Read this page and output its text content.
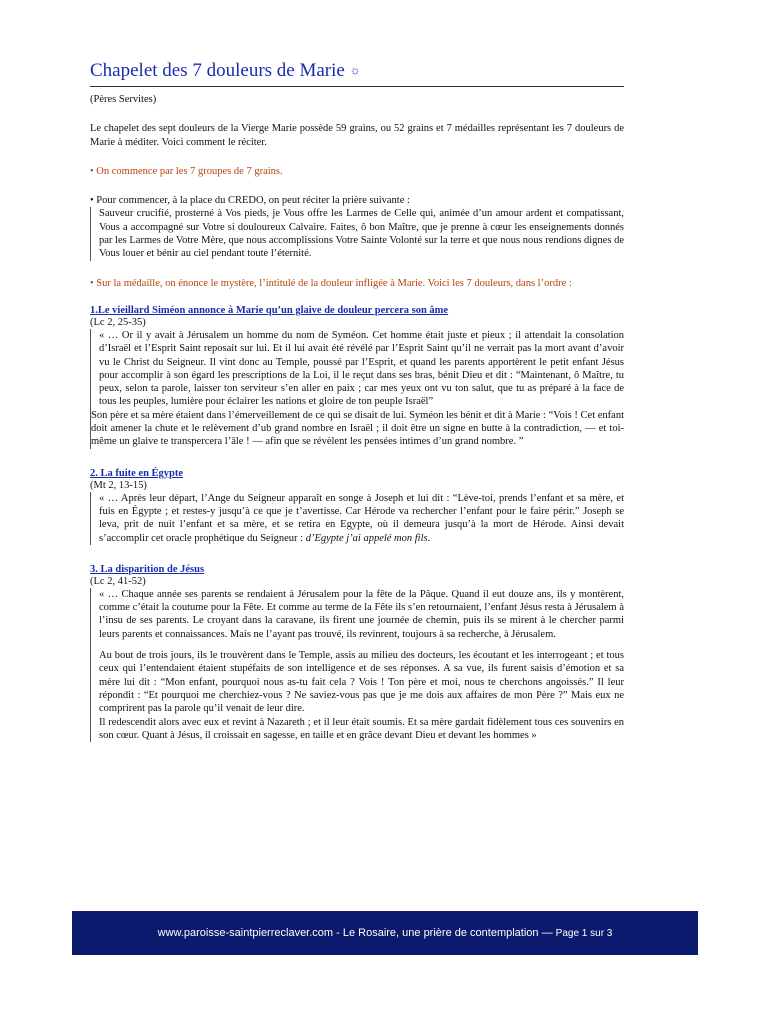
Chapelet des 7 douleurs de Marie ☼

(Pères Servites)

Le chapelet des sept douleurs de la Vierge Marie possède 59 grains, ou 52 grains et 7 médailles représentant les 7 douleurs de Marie à méditer. Voici comment le réciter.

• On commence par les 7 groupes de 7 grains.

• Pour commencer, à la place du CREDO, on peut réciter la prière suivante :

Sauveur crucifié, prosterné à Vos pieds, je Vous offre les Larmes de Celle qui, animée d’un amour ardent et compatissant, Vous a accompagné sur Votre si douloureux Calvaire. Faites, ô bon Maître, que je prenne à cœur les enseignements donnés par les Larmes de Votre Mère, que nous accomplissions Votre Sainte Volonté sur la terre et que nous nous rendions dignes de Vous louer et bénir au ciel pendant toute l’éternité.

• Sur la médaille, on énonce le mystère, l’intitulé de la douleur infligée à Marie. Voici les 7 douleurs, dans l’ordre :

1.Le vieillard Siméon annonce à Marie qu’un glaive de douleur percera son âme

(Lc 2, 25-35)

« … Or il y avait à Jérusalem un homme du nom de Syméon. Cet homme était juste et pieux ; il attendait la consolation d’Israël et l’Esprit Saint reposait sur lui. Et il lui avait été révélé par l’Esprit Saint qu’il ne verrait pas la mort avant d’avoir vu le Christ du Seigneur. Il vint donc au Temple, poussé par l’Esprit, et quand les parents apportèrent le petit enfant Jésus pour accomplir à son égard les prescriptions de la Loi, il le reçut dans ses bras, bénit Dieu et dit : “Maintenant, ô Maître, tu peux, selon ta parole, laisser ton serviteur s’en aller en paix ; car mes yeux ont vu ton salut, que tu as préparé à la face de tous les peuples, lumière pour éclairer les nations et gloire de ton peuple Israël”

Son père et sa mère étaient dans l’émerveillement de ce qui se disait de lui. Syméon les bénit et dit à Marie : “Vois ! Cet enfant doit amener la chute et le relèvement d’ub grand nombre en Israël ; il doit être un signe en butte à la contradiction, — et toi-même un glaive te transpercera l’âle ! — afin que se révèlent les pensées intimes d’un grand nombre. ”

2. La fuite en Égypte

(Mt 2, 13-15)

« … Après leur départ, l’Ange du Seigneur apparaît en songe à Joseph et lui dit : “Lève-toi, prends l’enfant et sa mère, et fuis en Égypte ; et restes-y jusqu’à ce que je t’avertisse. Car Hérode va rechercher l’enfant pour le faire périr.” Joseph se leva, prit de nuit l’enfant et sa mère, et se retira en Egypte, où il demeura jusqu’à la mort de Hérode. Ainsi devait s’accomplir cet oracle prophétique du Seigneur : d’Egypte j’ai appelé mon fils.

3. La disparition de Jésus

(Lc 2, 41-52)

« … Chaque année ses parents se rendaient à Jérusalem pour la fête de la Pâque. Quand il eut douze ans, ils y montèrent, comme c’était la coutume pour la Fête. Et comme au terme de la Fête ils s’en retournaient, l’enfant Jésus resta à Jérusalem à l’insu de ses parents. Le croyant dans la caravane, ils firent une journée de chemin, puis ils se mirent à le chercher parmi leurs parents et connaissances. Mais ne l’ayant pas trouvé, ils revinrent, toujours à sa recherche, à Jérusalem.

Au bout de trois jours, ils le trouvèrent dans le Temple, assis au milieu des docteurs, les écoutant et les interrogeant ; et tous ceux qui l’entendaient étaient stupéfaits de son intelligence et de ses réponses. A sa vue, ils furent saisis d’émotion et sa mère lui dit : “Mon enfant, pourquoi nous as-tu fait cela ? Vois ! Ton père et moi, nous te cherchons angoissés.” Il leur répondit : “Et pourquoi me cherchiez-vous ? Ne saviez-vous pas que je me dois aux affaires de mon Père ?” Mais eux ne comprirent pas la parole qu’il venait de leur dire.

Il redescendit alors avec eux et revint à Nazareth ; et il leur était soumis. Et sa mère gardait fidèlement tous ces souvenirs en son cœur. Quant à Jésus, il croissait en sagesse, en taille et en grâce devant Dieu et devant les hommes »

www.paroisse-saintpierreclaver.com - Le Rosaire, une prière de contemplation — Page 1 sur 3
